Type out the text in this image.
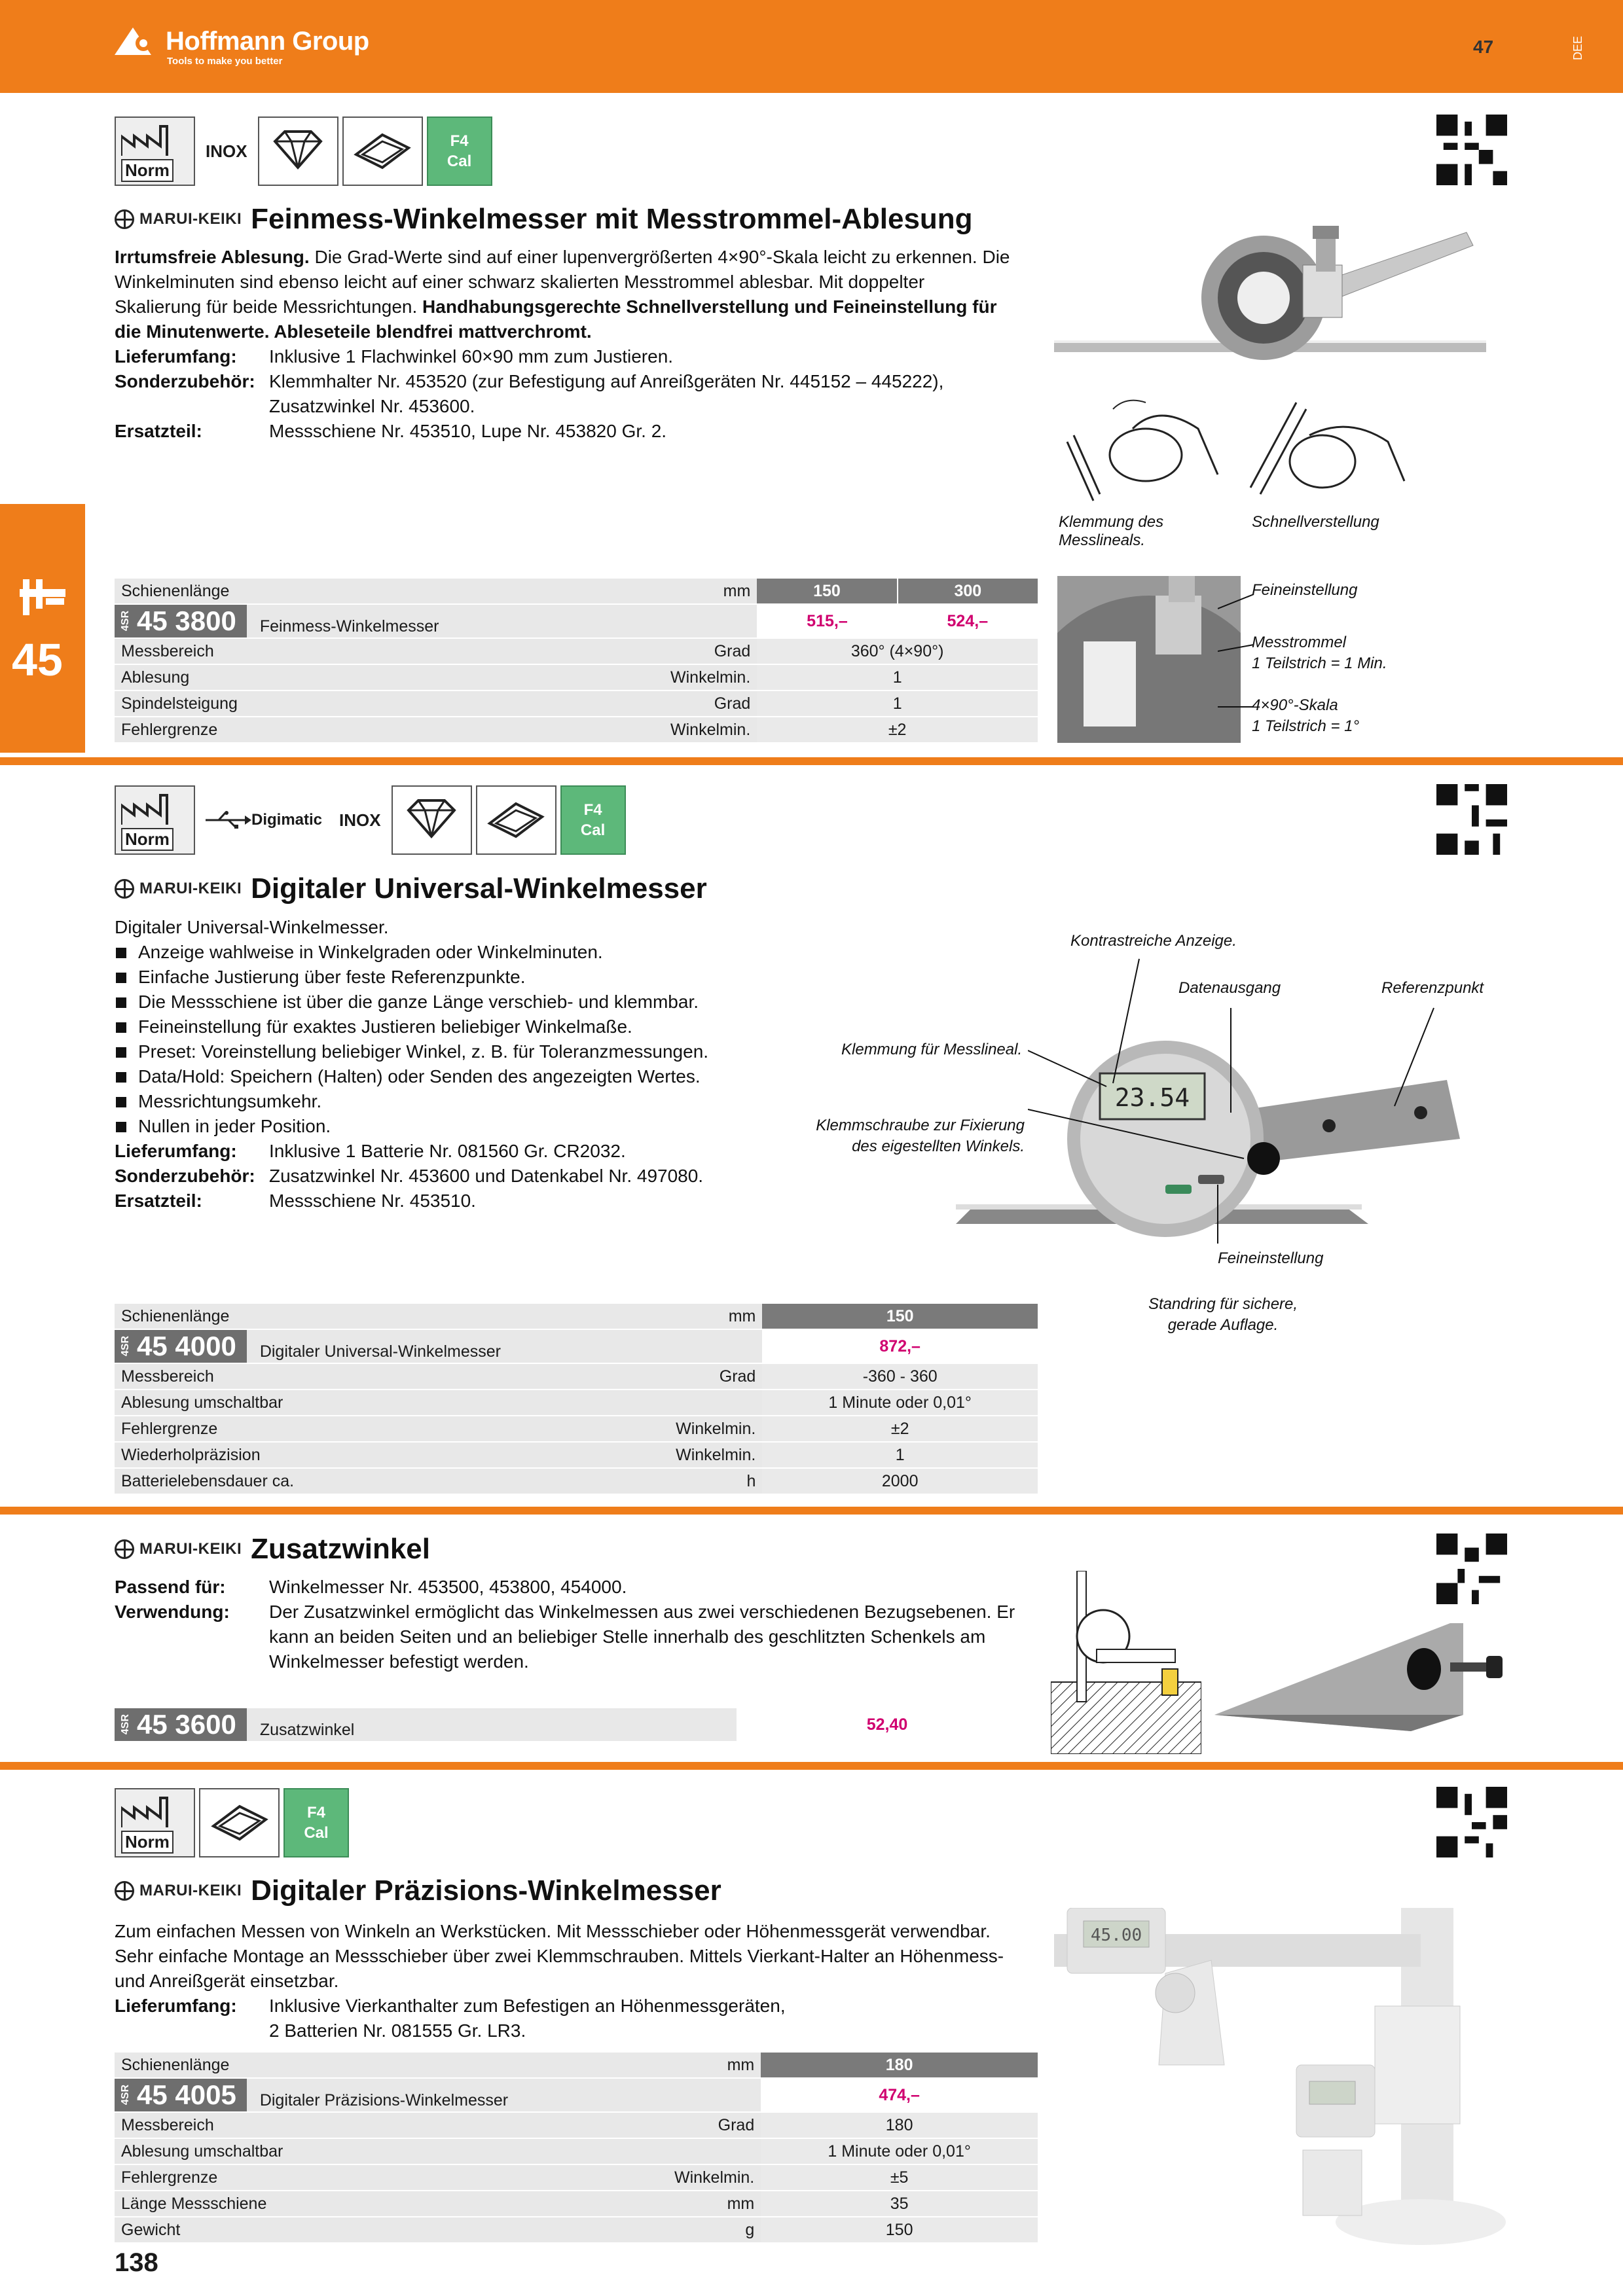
Hoffmann Group
Tools to make you better
47	DEE
45
Norm
INOX
F4
Cal
MARUI-KEIKI Feinmess-Winkelmesser mit Messtrommel-Ablesung
Irrtumsfreie Ablesung. Die Grad-Werte sind auf einer lupenvergrößerten 4×90°-Skala leicht zu erkennen. Die Winkelminuten sind ebenso leicht auf einer schwarz skalierten Messtrommel ablesbar. Mit doppelter Skalierung für beide Messrichtungen. Handhabungsgerechte Schnellverstellung und Feineinstellung für die Minutenwerte. Ableseteile blendfrei mattverchromt.
Lieferumfang:	Inklusive 1 Flachwinkel 60×90 mm zum Justieren.
Sonderzubehör: Klemmhalter Nr. 453520 (zur Befestigung auf Anreißgeräten Nr. 445152 – 445222),
Zusatzwinkel Nr. 453600.
Ersatzteil:	Messschiene Nr. 453510, Lupe Nr. 453820 Gr. 2.
Klemmung des Messlineals.
Schnellverstellung
Feineinstellung
Messtrommel
1 Teilstrich = 1 Min.
4×90°-Skala
1 Teilstrich = 1°
Schienenlänge	mm	150	300

4SR 45 3800 Feinmess-Winkelmesser		515,–	524,–
Messbereich	Grad	360° (4×90°)	
Ablesung	Winkelmin.	1	
Spindelsteigung	Grad	1	
Fehlergrenze	Winkelmin.	±2	
Norm
Digimatic	INOX
F4
Cal
MARUI-KEIKI Digitaler Universal-Winkelmesser
Digitaler Universal-Winkelmesser.
Anzeige wahlweise in Winkelgraden oder Winkelminuten.
Einfache Justierung über feste Referenzpunkte.
Die Messschiene ist über die ganze Länge verschieb- und klemmbar.
Feineinstellung für exaktes Justieren beliebiger Winkelmaße.
Preset: Voreinstellung beliebiger Winkel, z. B. für Toleranzmessungen.
Data/Hold: Speichern (Halten) oder Senden des angezeigten Wertes.
Messrichtungsumkehr.
Nullen in jeder Position.
Lieferumfang:	Inklusive 1 Batterie Nr. 081560 Gr. CR2032.
Sonderzubehör: Zusatzwinkel Nr. 453600 und Datenkabel Nr. 497080.
Ersatzteil:	Messschiene Nr. 453510.
23.54
Kontrastreiche Anzeige.
Datenausgang	Referenzpunkt
Klemmung für Messlineal.
Klemmschraube zur Fixierung
des eigestellten Winkels.
Feineinstellung
Standring für sichere,
gerade Auflage.
Schienenlänge	mm	150

4SR 45 4000 Digitaler Universal-Winkelmesser		872,–
Messbereich	Grad	-360 - 360
Ablesung umschaltbar		1 Minute oder 0,01°
Fehlergrenze	Winkelmin.	±2
Wiederholpräzision	Winkelmin.	1
Batterielebensdauer ca.	h	2000
MARUI-KEIKI Zusatzwinkel
Passend für:	Winkelmesser Nr. 453500, 453800, 454000.
Verwendung:	Der Zusatzwinkel ermöglicht das Winkelmessen aus zwei verschiedenen Bezugsebenen. Er kann an beiden Seiten und an beliebiger Stelle innerhalb des geschlitzten Schenkels am Winkelmesser befestigt werden.
4SR 45 3600 Zusatzwinkel	52,40
Norm
F4
Cal
MARUI-KEIKI Digitaler Präzisions-Winkelmesser
Zum einfachen Messen von Winkeln an Werkstücken. Mit Messschieber oder Höhenmessgerät verwendbar. Sehr einfache Montage an Messschieber über zwei Klemmschrauben. Mittels Vierkant-Halter an Höhenmess- und Anreißgerät einsetzbar.
Lieferumfang:	Inklusive Vierkanthalter zum Befestigen an Höhenmessgeräten,
2 Batterien Nr. 081555 Gr. LR3.
45.00
Schienenlänge	mm	180

4SR 45 4005 Digitaler Präzisions-Winkelmesser		474,–
Messbereich	Grad	180
Ablesung umschaltbar		1 Minute oder 0,01°
Fehlergrenze	Winkelmin.	±5
Länge Messschiene	mm	35
Gewicht	g	150
138
